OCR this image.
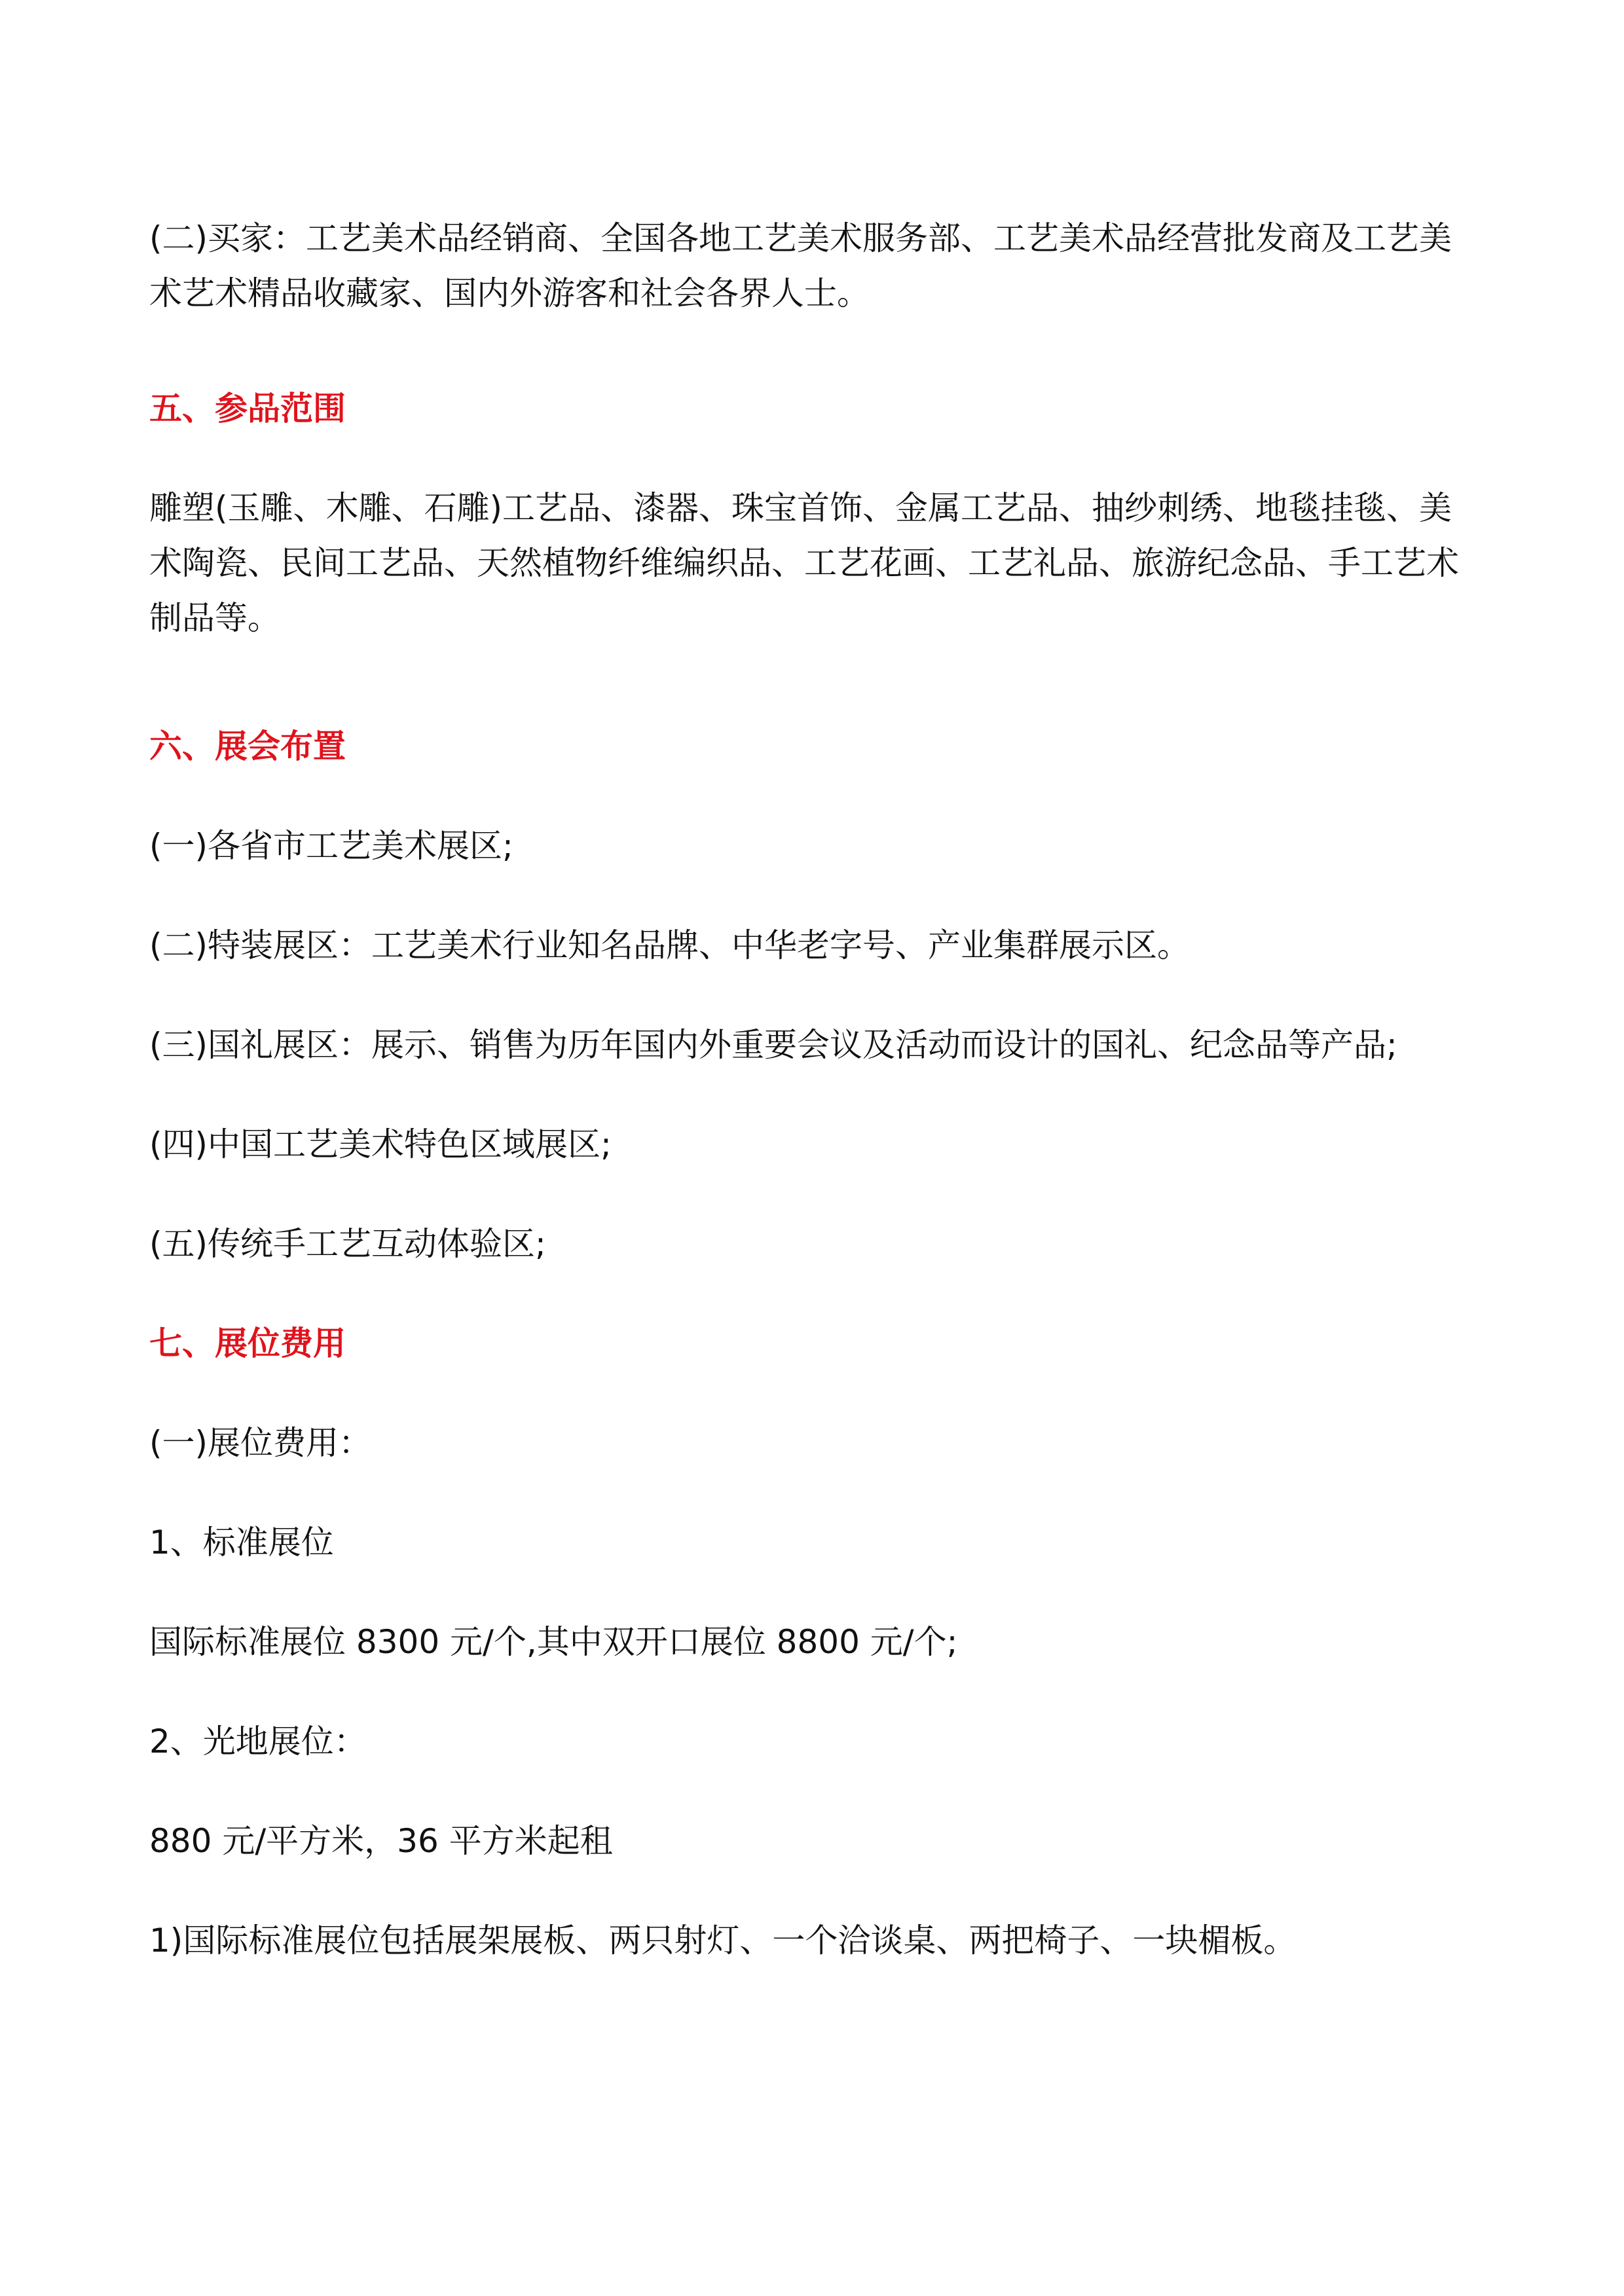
(二)买家：工艺美术品经销商、全国各地工艺美术服务部、工艺美术品经营批发商及工艺美术艺术精品收藏家、国内外游客和社会各界人士。

五、参品范围

雕塑(玉雕、木雕、石雕)工艺品、漆器、珠宝首饰、金属工艺品、抽纱刺绣、地毯挂毯、美术陶瓷、民间工艺品、天然植物纤维编织品、工艺花画、工艺礼品、旅游纪念品、手工艺术制品等。

六、展会布置

(一)各省市工艺美术展区;

(二)特装展区：工艺美术行业知名品牌、中华老字号、产业集群展示区。

(三)国礼展区：展示、销售为历年国内外重要会议及活动而设计的国礼、纪念品等产品;

(四)中国工艺美术特色区域展区;

(五)传统手工艺互动体验区;

七、展位费用

(一)展位费用：

1、标准展位

国际标准展位 8300 元/个,其中双开口展位 8800 元/个;

2、光地展位：

880 元/平方米，36 平方米起租

1)国际标准展位包括展架展板、两只射灯、一个洽谈桌、两把椅子、一块楣板。
